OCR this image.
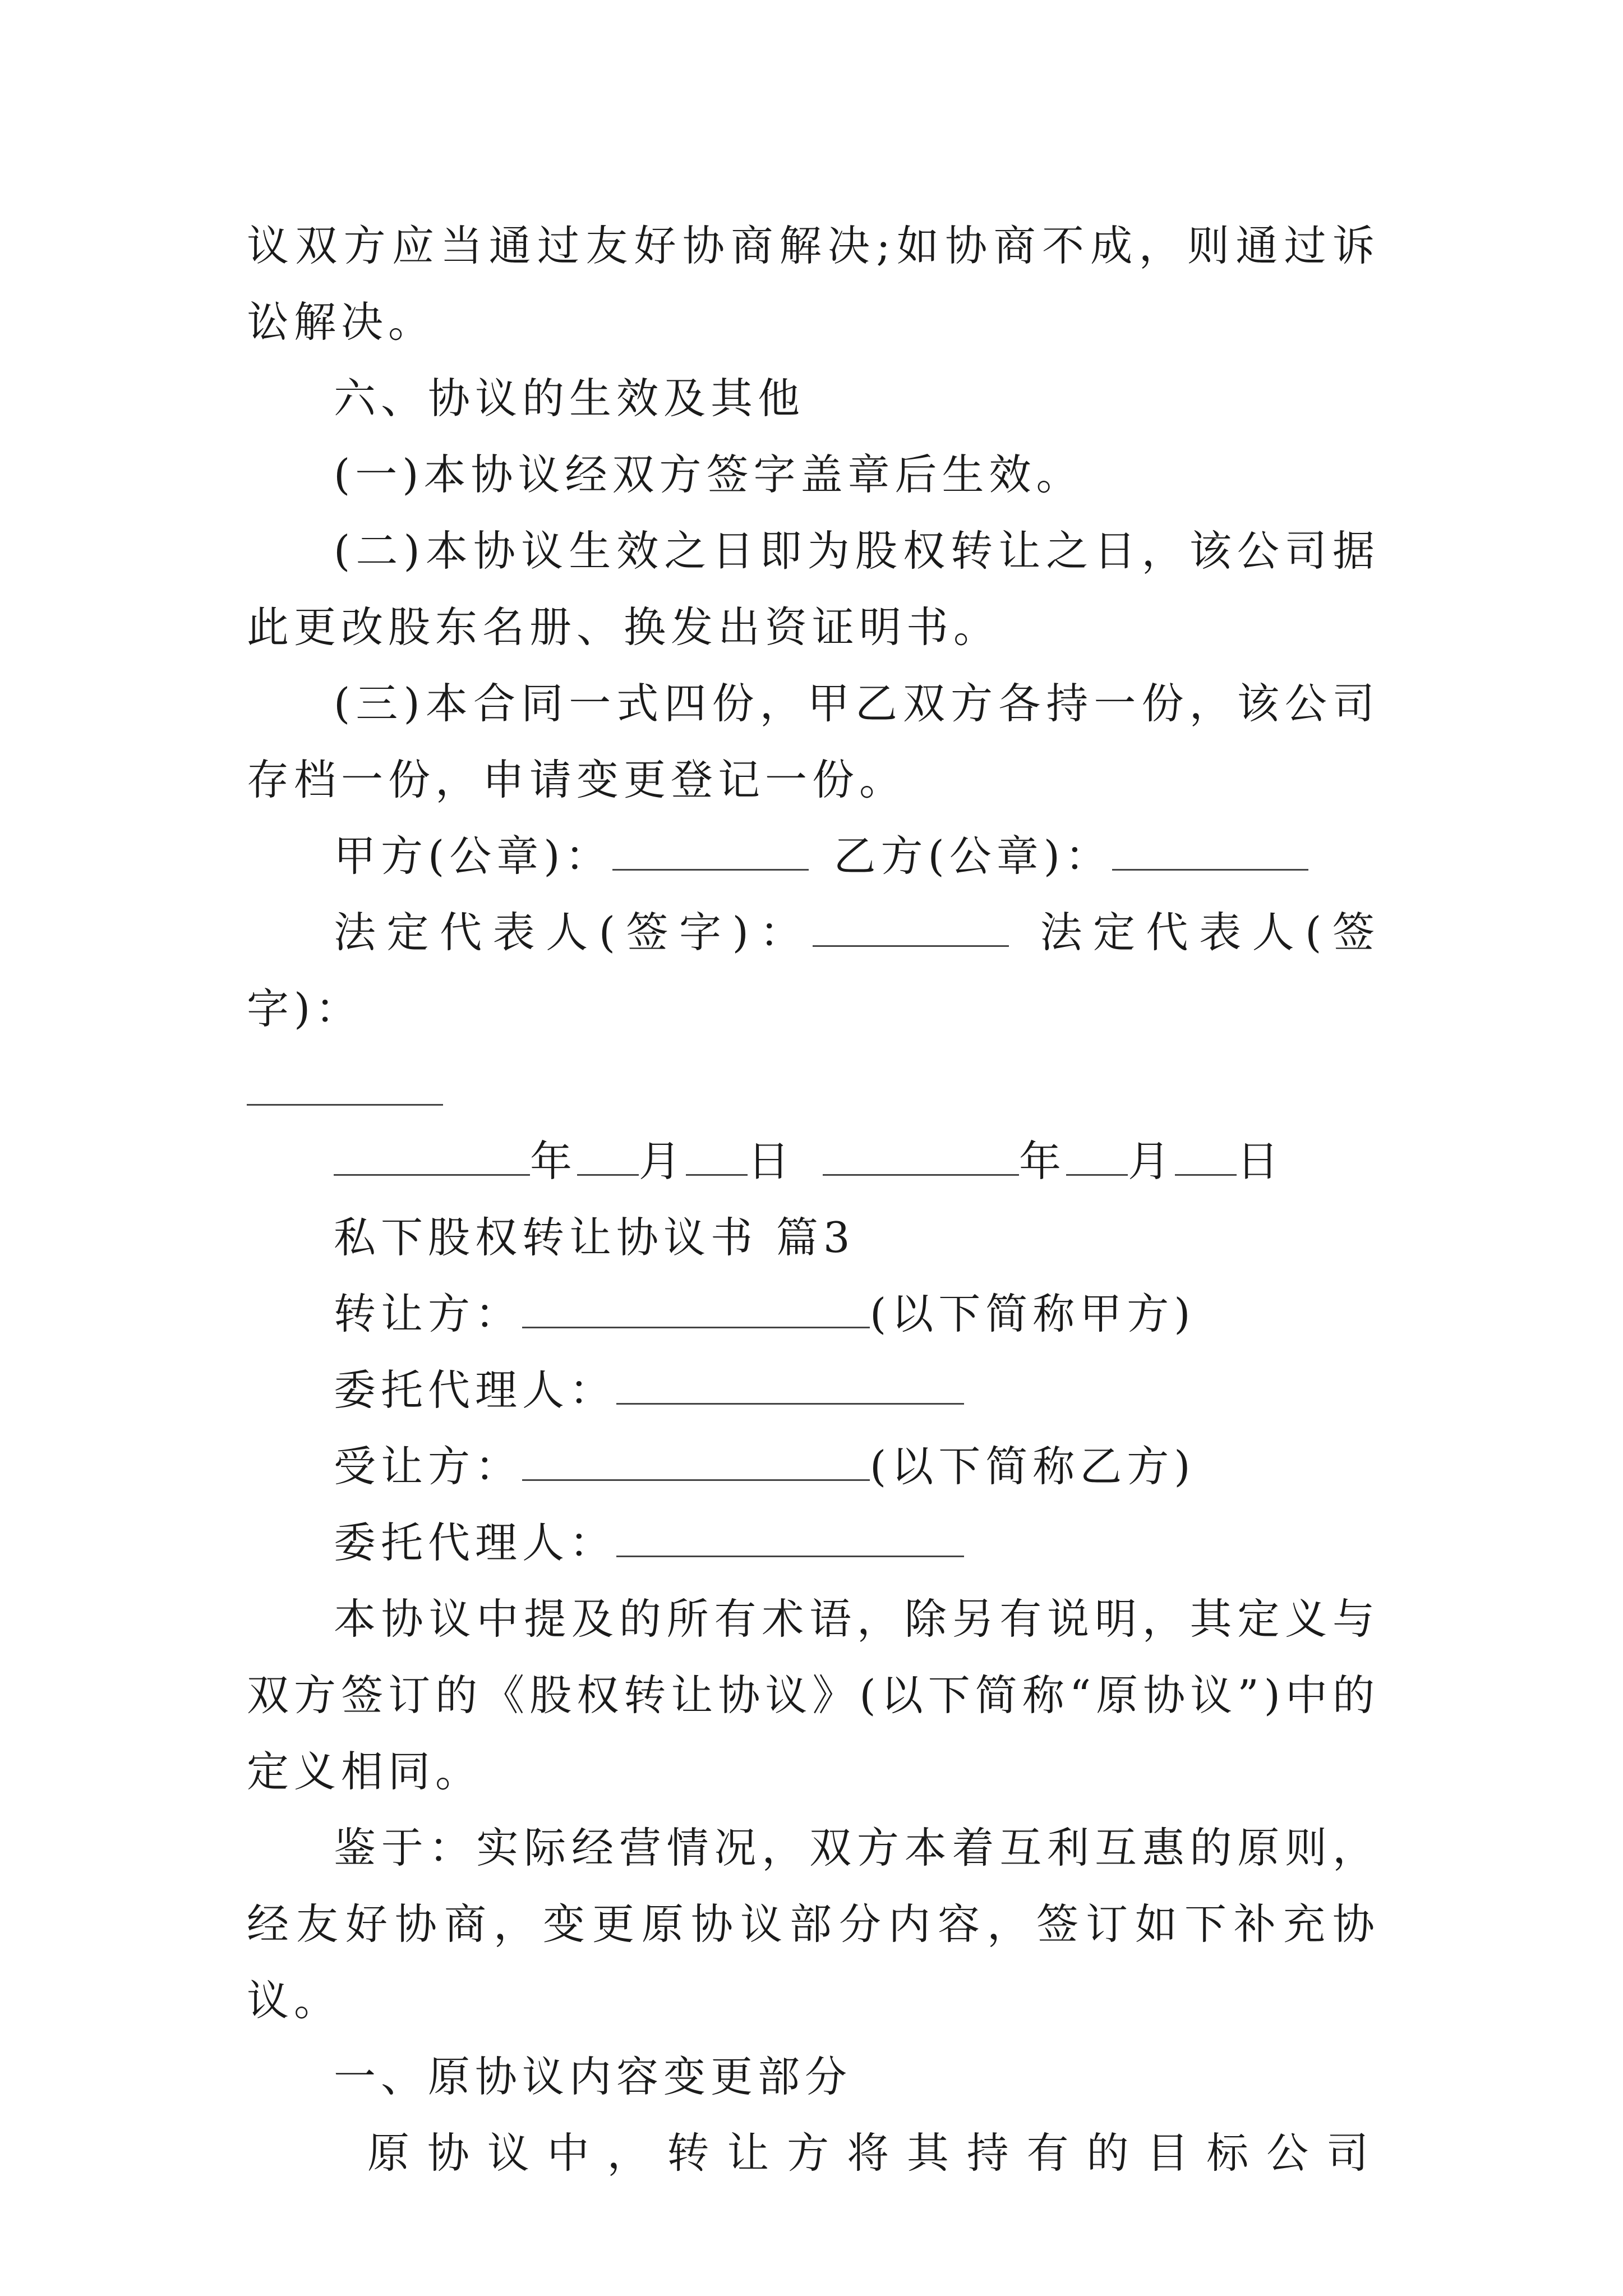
议双方应当通过友好协商解决;如协商不成，则通过诉讼解决。

六、协议的生效及其他

(一)本协议经双方签字盖章后生效。

(二)本协议生效之日即为股权转让之日，该公司据此更改股东名册、换发出资证明书。

(三)本合同一式四份，甲乙双方各持一份，该公司存档一份，申请变更登记一份。

甲方(公章)：	乙方(公章)：

法定代表人(签字)：	法定代表人(签字)：

年 月 日	年 月 日

私下股权转让协议书 篇3

转让方：	(以下简称甲方)

委托代理人：

受让方：	(以下简称乙方)

委托代理人：

本协议中提及的所有术语，除另有说明，其定义与双方签订的《股权转让协议》(以下简称“原协议”)中的定义相同。

鉴于：实际经营情况，双方本着互利互惠的原则，经友好协商，变更原协议部分内容，签订如下补充协议。

一、原协议内容变更部分

原协议中，转让方将其持有的目标公司
